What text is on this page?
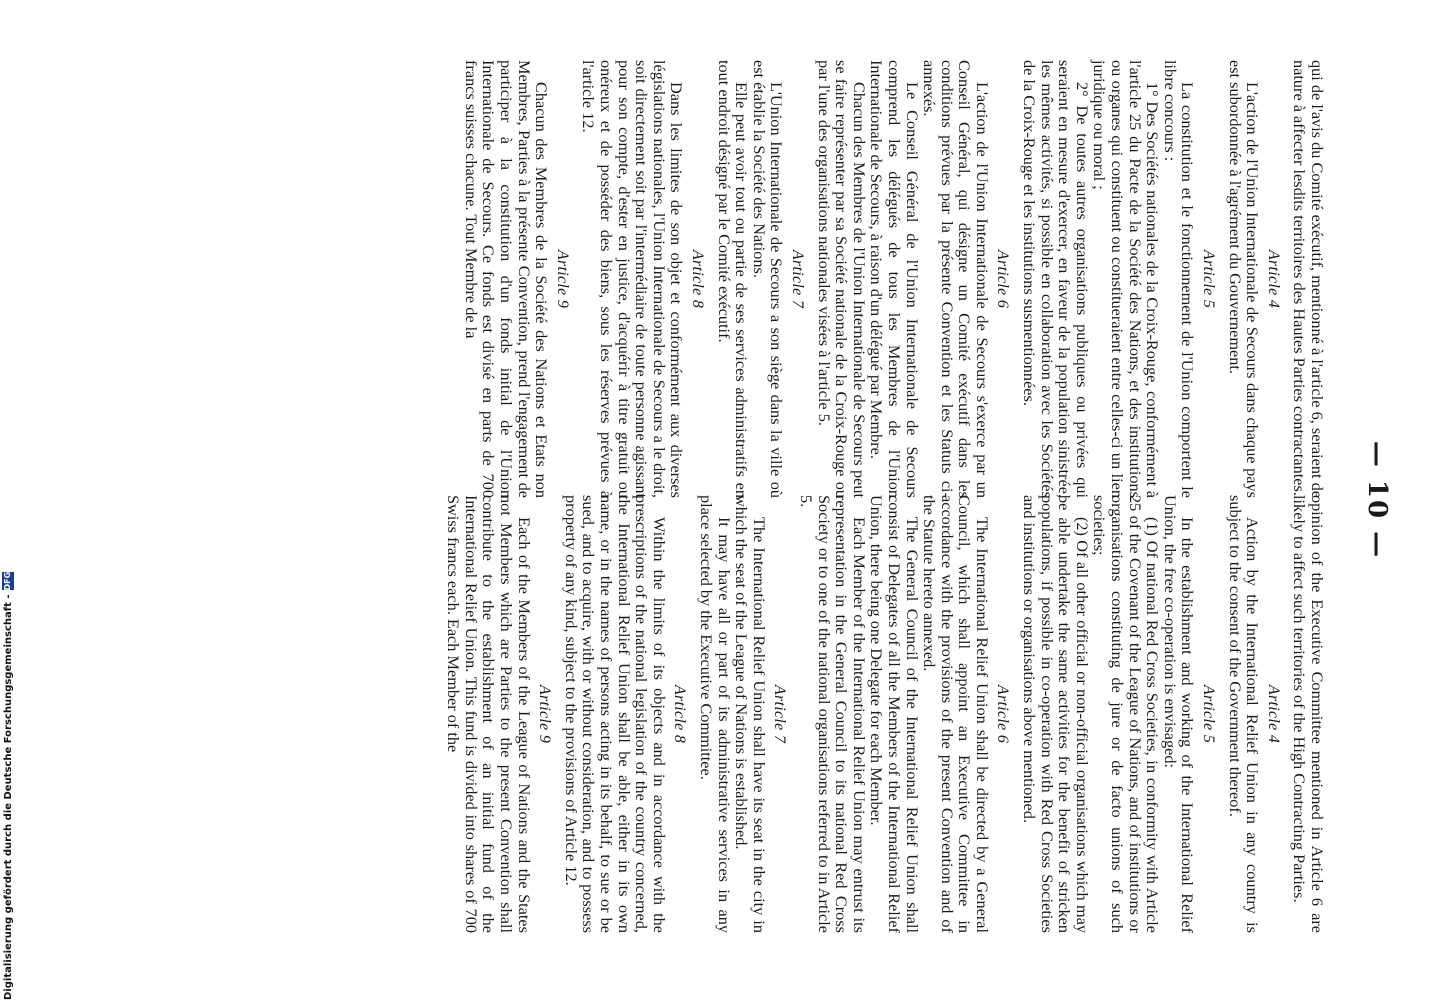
— 10 —

qui de l'avis du Comité exécutif, mentionné à l'article 6, seraient de nature à affecter lesdits territoires des Hautes Parties contractantes.

Article 4

L'action de l'Union Internationale de Secours dans chaque pays est subordonnée à l'agrément du Gouvernement.

Article 5

La constitution et le fonctionnement de l'Union comportent le libre concours :

1° Des Sociétés nationales de la Croix-Rouge, conformément à l'article 25 du Pacte de la Société des Nations, et des institutions ou organes qui constituent ou constitueraient entre celles-ci un lien juridique ou moral ;

2° De toutes autres organisations publiques ou privées qui seraient en mesure d'exercer, en faveur de la population sinistrée, les mêmes activités, si possible en collaboration avec les Sociétés de la Croix-Rouge et les institutions susmentionnées.

Article 6

L'action de l'Union Internationale de Secours s'exerce par un Conseil Général, qui désigne un Comité exécutif dans les conditions prévues par la présente Convention et les Statuts ci-annexés.

Le Conseil Général de l'Union Internationale de Secours comprend les délégués de tous les Membres de l'Union Internationale de Secours, à raison d'un délégué par Membre.

Chacun des Membres de l'Union Internationale de Secours peut se faire représenter par sa Société nationale de la Croix-Rouge ou par l'une des organisations nationales visées à l'article 5.

Article 7

L'Union Internationale de Secours a son siège dans la ville où est établie la Société des Nations.

Elle peut avoir tout ou partie de ses services administratifs en tout endroit désigné par le Comité exécutif.

Article 8

Dans les limites de son objet et conformément aux diverses législations nationales, l'Union Internationale de Secours a le droit, soit directement soit par l'intermédiaire de toute personne agissant pour son compte, d'ester en justice, d'acquérir à titre gratuit ou onéreux et de posséder des biens, sous les réserves prévues à l'article 12.

Article 9

Chacun des Membres de la Société des Nations et Etats non Membres, Parties à la présente Convention, prend l'engagement de participer à la constitution d'un fonds initial de l'Union Internationale de Secours. Ce fonds est divisé en parts de 700 francs suisses chacune. Tout Membre de la

opinion of the Executive Committee mentioned in Article 6 are likely to affect such territories of the High Contracting Parties.

Article 4

Action by the International Relief Union in any country is subject to the consent of the Government thereof.

Article 5

In the establishment and working of the International Relief Union, the free co-operation is envisaged:

(1) Of national Red Cross Societies, in conformity with Article 25 of the Covenant of the League of Nations, and of institutions or organisations constituting de jure or de facto unions of such societies;

(2) Of all other official or non-official organisations which may be able undertake the same activities for the benefit of stricken populations, if possible in co-operation with Red Cross Societies and institutions or organisations above mentioned.

Article 6

The International Relief Union shall be directed by a General Council, which shall appoint an Executive Committee in accordance with the provisions of the present Convention and of the Statute hereto annexed.

The General Council of the International Relief Union shall consist of Delegates of all the Members of the International Relief Union, there being one Delegate for each Member.

Each Member of the International Relief Union may entrust its representation in the General Council to its national Red Cross Society or to one of the national organisations referred to in Article 5.

Article 7

The International Relief Union shall have its seat in the city in which the seat of the League of Nations is established.

It may have all or part of its administrative services in any place selected by the Executive Committee.

Article 8

Within the limits of its objects and in accordance with the prescriptions of the national legislation of the country concerned, the International Relief Union shall be able, either in its own name, or in the names of persons acting in its behalf, to sue or be sued, and to acquire, with or without consideration, and to possess property of any kind, subject to the provisions of Article 12.

Article 9

Each of the Members of the League of Nations and the States not Members which are Parties to the present Convention shall contribute to the establishment of an initial fund of the International Relief Union. This fund is divided into shares of 700 Swiss francs each. Each Member of the

Digitalisierung gefördert durch die Deutsche Forschungsgemeinschaft -
DFG
